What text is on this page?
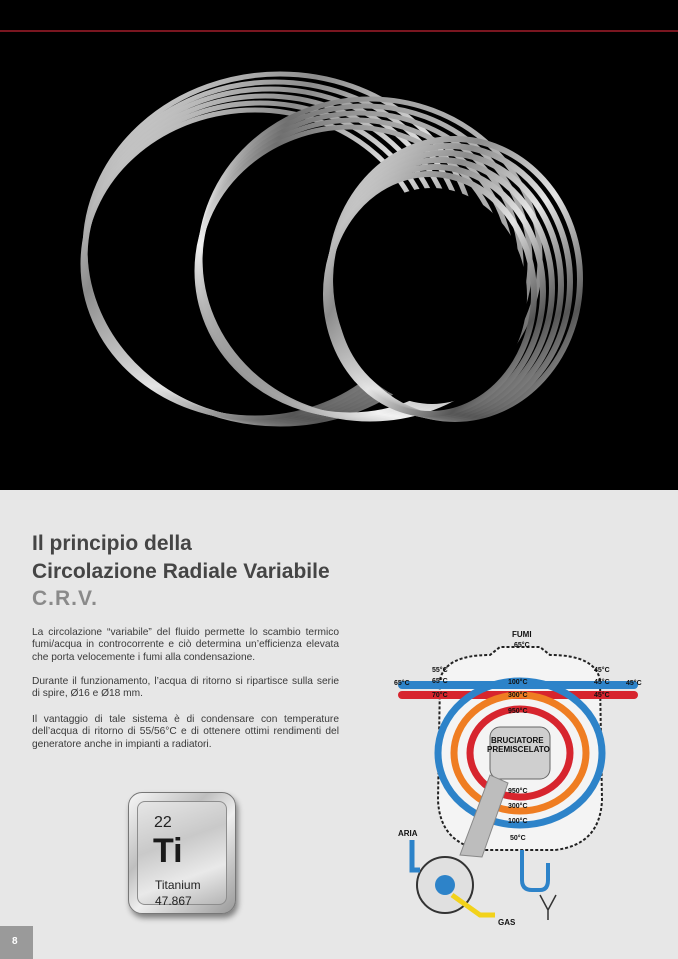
Il principio della
Circolazione Radiale Variabile
C.R.V.

La circolazione “variabile” del fluido permette lo scambio termico fumi/acqua in controcorrente e ciò determina un’efficienza elevata che porta velocemente i fumi alla condensazione.

Durante il funzionamento, l’acqua di ritorno si ripartisce sulla serie di spire, Ø16 e Ø18 mm.

Il vantaggio di tale sistema è di condensare con temperature dell’acqua di ritorno di 55/56°C e di ottenere ottimi rendimenti del generatore anche in impianti a radiatori.

22
Ti
Titanium
47.867
FUMI
65°C
65°C
55°C
65°C
70°C
100°C
300°C
950°C
45°C
45°C
45°C
45°C
BRUCIATORE
PREMISCELATO
950°C
300°C
100°C
50°C
ARIA
GAS
8
